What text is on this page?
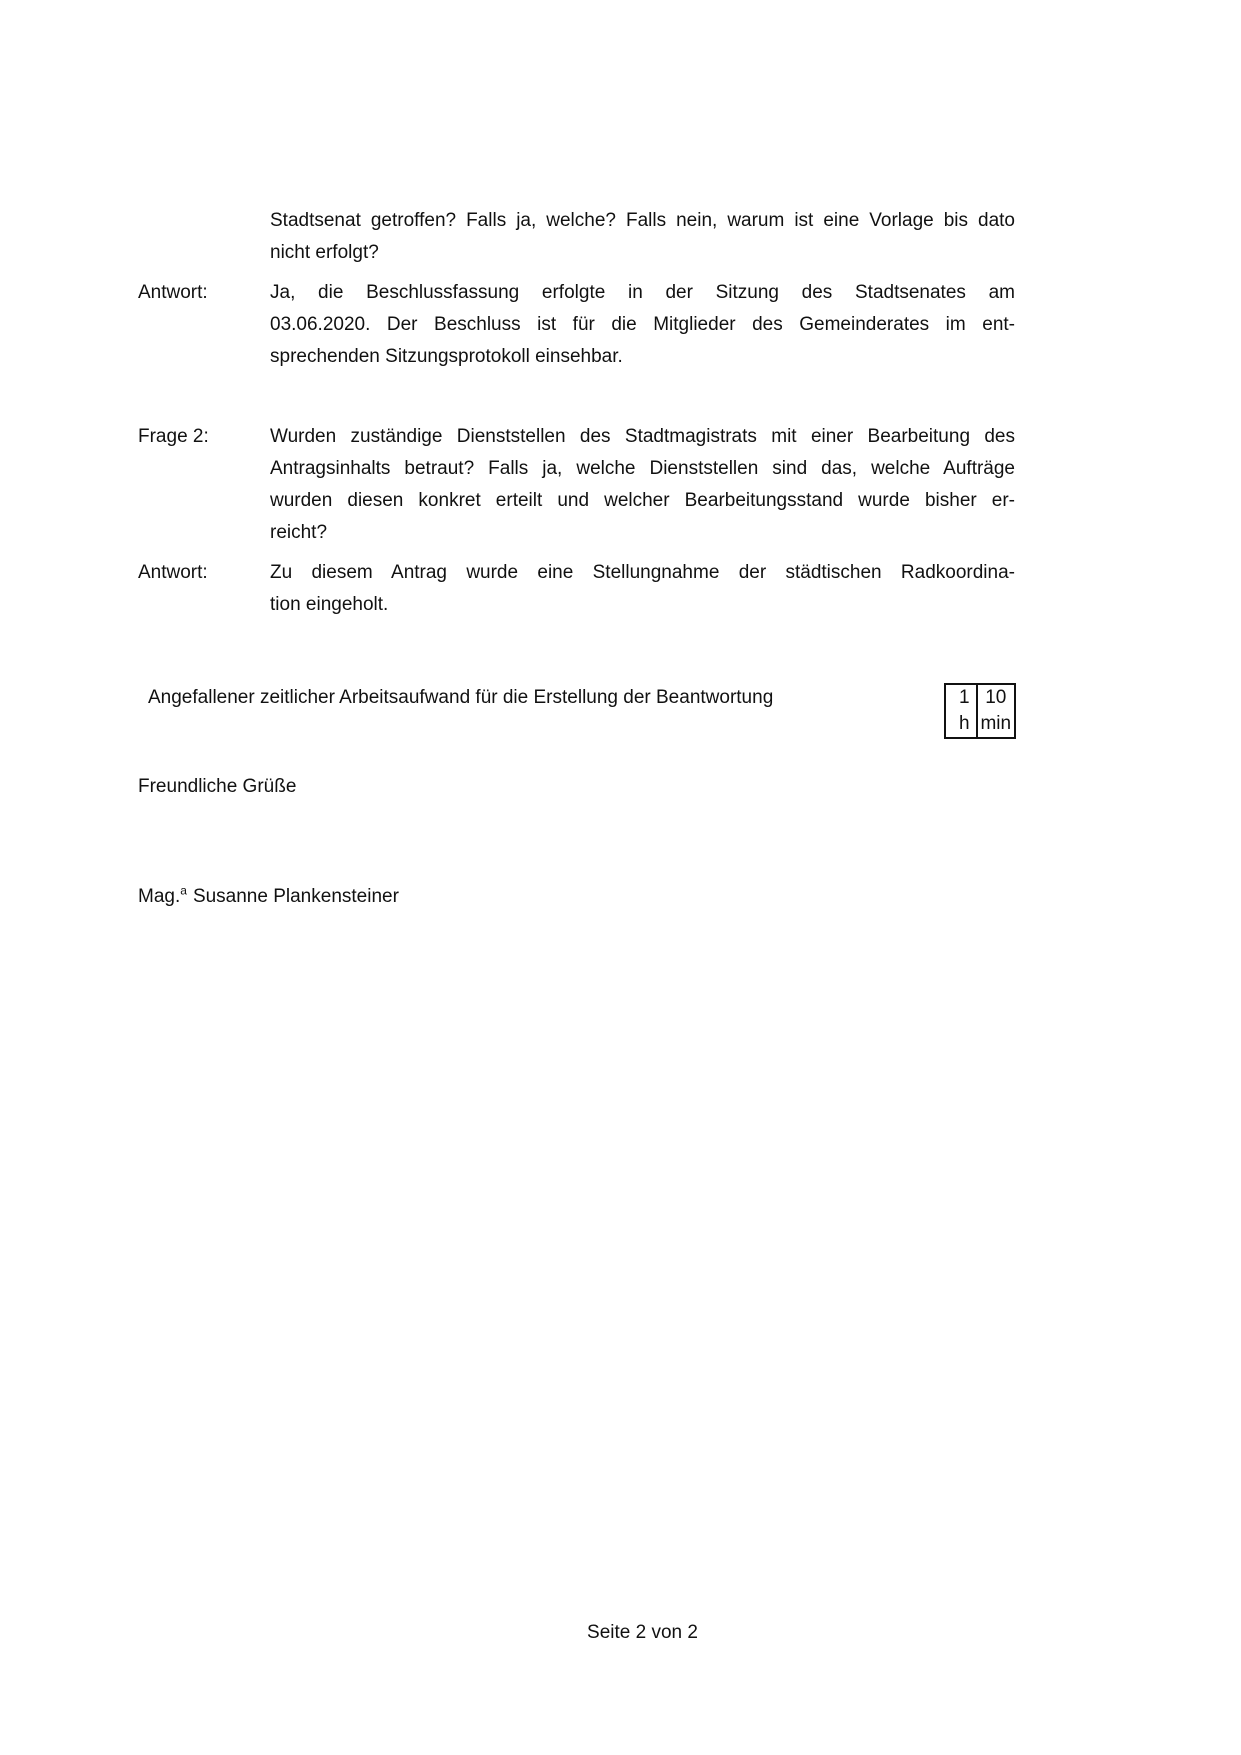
Stadtsenat getroffen? Falls ja, welche? Falls nein, warum ist eine Vorlage bis dato
nicht erfolgt?
Antwort:	Ja, die Beschlussfassung erfolgte in der Sitzung des Stadtsenates am
03.06.2020. Der Beschluss ist für die Mitglieder des Gemeinderates im ent-
sprechenden Sitzungsprotokoll einsehbar.
Frage 2:	Wurden zuständige Dienststellen des Stadtmagistrats mit einer Bearbeitung des
Antragsinhalts betraut? Falls ja, welche Dienststellen sind das, welche Aufträge
wurden diesen konkret erteilt und welcher Bearbeitungsstand wurde bisher er-
reicht?
Antwort:	Zu diesem Antrag wurde eine Stellungnahme der städtischen Radkoordina-
tion eingeholt.
Angefallener zeitlicher Arbeitsaufwand für die Erstellung der Beantwortung	1 h	10 min
Freundliche Grüße
Mag.$^a$ Susanne Plankensteiner
Seite 2 von 2
